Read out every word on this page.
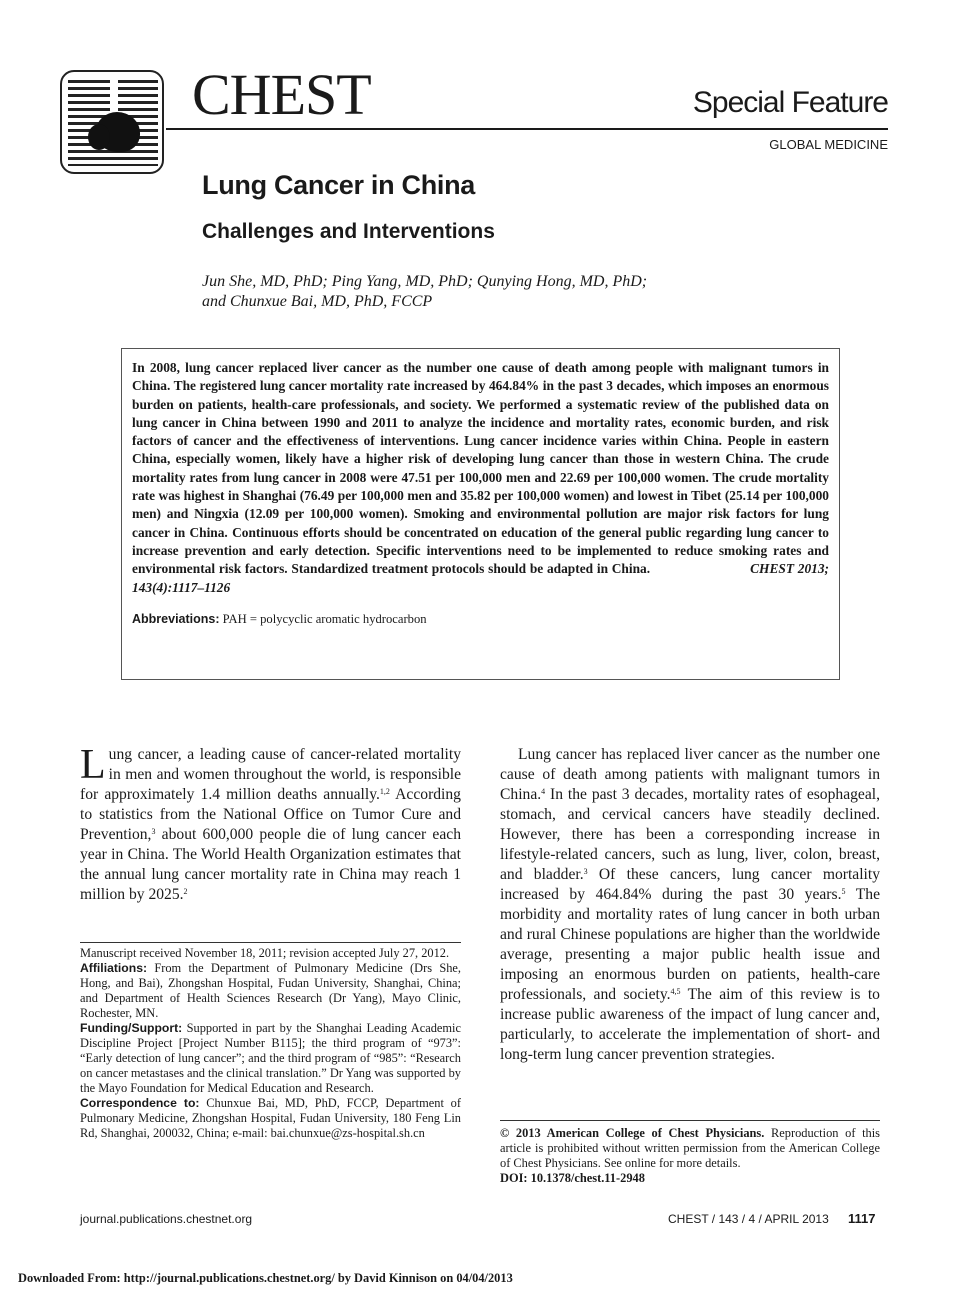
CHEST	Special Feature
GLOBAL MEDICINE
Lung Cancer in China
Challenges and Interventions
Jun She, MD, PhD; Ping Yang, MD, PhD; Qunying Hong, MD, PhD;
and Chunxue Bai, MD, PhD, FCCP
In 2008, lung cancer replaced liver cancer as the number one cause of death among people with malignant tumors in China. The registered lung cancer mortality rate increased by 464.84% in the past 3 decades, which imposes an enormous burden on patients, health-care professionals, and society. We performed a systematic review of the published data on lung cancer in China between 1990 and 2011 to analyze the incidence and mortality rates, economic burden, and risk factors of cancer and the effectiveness of interventions. Lung cancer incidence varies within China. People in eastern China, especially women, likely have a higher risk of developing lung cancer than those in western China. The crude mortality rates from lung cancer in 2008 were 47.51 per 100,000 men and 22.69 per 100,000 women. The crude mortality rate was highest in Shanghai (76.49 per 100,000 men and 35.82 per 100,000 women) and lowest in Tibet (25.14 per 100,000 men) and Ningxia (12.09 per 100,000 women). Smoking and environmental pollution are major risk factors for lung cancer in China. Continuous efforts should be concentrated on education of the general public regarding lung cancer to increase prevention and early detection. Specific interventions need to be implemented to reduce smoking rates and environmental risk factors. Standardized treatment protocols should be adapted in China.	CHEST 2013; 143(4):1117–1126
Abbreviations: PAH = polycyclic aromatic hydrocarbon
Lung cancer, a leading cause of cancer-related mortality in men and women throughout the world, is responsible for approximately 1.4 million deaths annually.$^{1,2}$ According to statistics from the National Office on Tumor Cure and Prevention,$^3$ about 600,000 people die of lung cancer each year in China. The World Health Organization estimates that the annual lung cancer mortality rate in China may reach 1 million by 2025.$^2$
Lung cancer has replaced liver cancer as the number one cause of death among patients with malignant tumors in China.$^4$ In the past 3 decades, mortality rates of esophageal, stomach, and cervical cancers have steadily declined. However, there has been a corresponding increase in lifestyle-related cancers, such as lung, liver, colon, breast, and bladder.$^3$ Of these cancers, lung cancer mortality increased by 464.84% during the past 30 years.$^5$ The morbidity and mortality rates of lung cancer in both urban and rural Chinese populations are higher than the worldwide average, presenting a major public health issue and imposing an enormous burden on patients, health-care professionals, and society.$^{4,5}$ The aim of this review is to increase public awareness of the impact of lung cancer and, particularly, to accelerate the implementation of short- and long-term lung cancer prevention strategies.

Manuscript received November 18, 2011; revision accepted July 27, 2012.

Affiliations: From the Department of Pulmonary Medicine (Drs She, Hong, and Bai), Zhongshan Hospital, Fudan University, Shanghai, China; and Department of Health Sciences Research (Dr Yang), Mayo Clinic, Rochester, MN.

Funding/Support: Supported in part by the Shanghai Leading Academic Discipline Project [Project Number B115]; the third program of “973”: “Early detection of lung cancer”; and the third program of “985”: “Research on cancer metastases and the clinical translation.” Dr Yang was supported by the Mayo Foundation for Medical Education and Research.

Correspondence to: Chunxue Bai, MD, PhD, FCCP, Department of Pulmonary Medicine, Zhongshan Hospital, Fudan University, 180 Feng Lin Rd, Shanghai, 200032, China; e-mail: bai.chunxue@zs-hospital.sh.cn	© 2013 American College of Chest Physicians. Reproduction of this article is prohibited without written permission from the American College of Chest Physicians. See online for more details.

DOI: 10.1378/chest.11-2948

journal.publications.chestnet.org	CHEST / 143 / 4 / APRIL 2013 1117
Downloaded From: http://journal.publications.chestnet.org/ by David Kinnison on 04/04/2013
